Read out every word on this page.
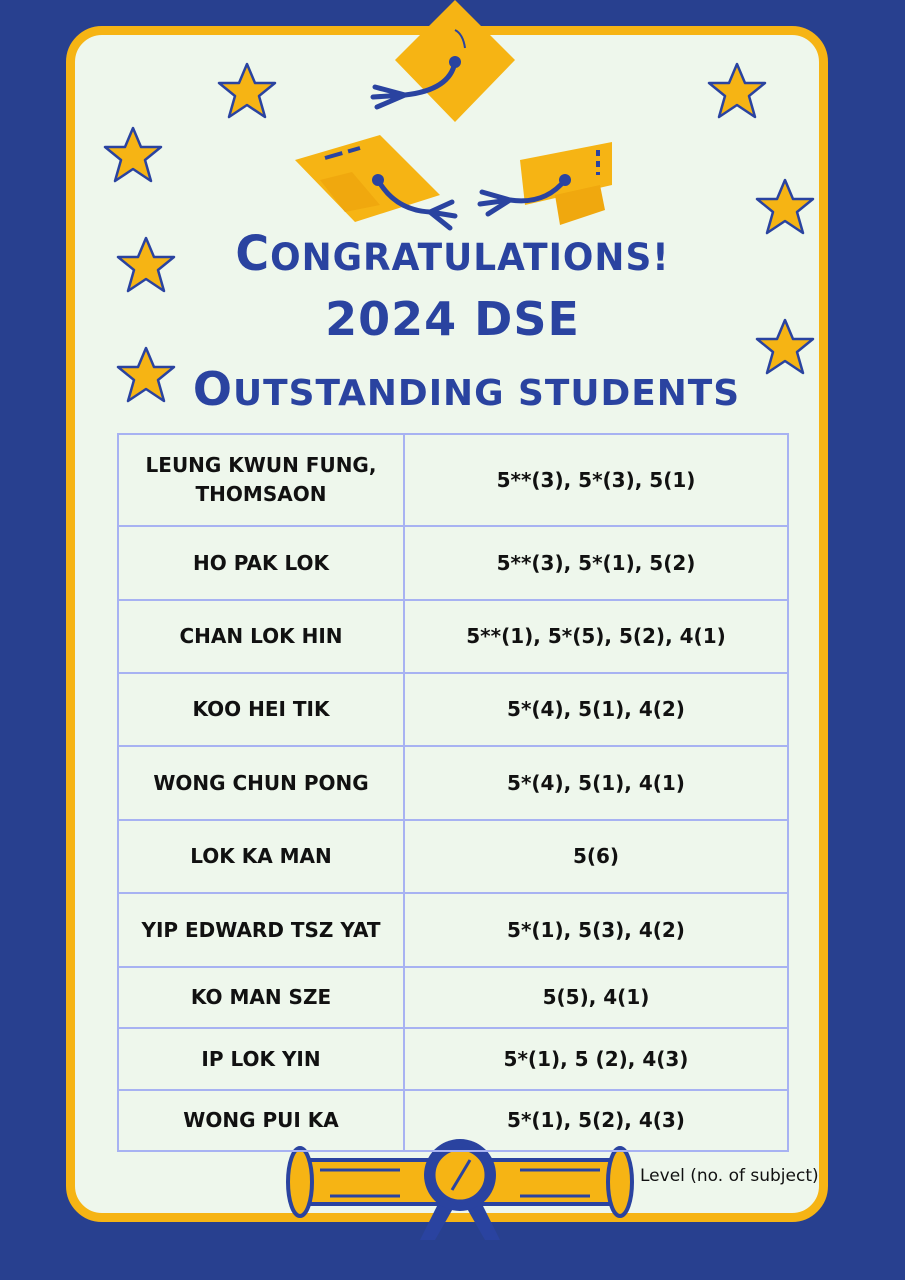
CONGRATULATIONS!
2024 DSE
OUTSTANDING STUDENTS
LEUNG KWUN FUNG, THOMSAON	5**(3), 5*(3), 5(1)
HO PAK LOK	5**(3), 5*(1), 5(2)
CHAN LOK HIN	5**(1), 5*(5), 5(2), 4(1)
KOO HEI TIK	5*(4), 5(1), 4(2)
WONG CHUN PONG	5*(4), 5(1), 4(1)
LOK KA MAN	5(6)
YIP EDWARD TSZ YAT	5*(1), 5(3), 4(2)
KO MAN SZE	5(5), 4(1)
IP LOK YIN	5*(1), 5 (2), 4(3)
WONG PUI KA	5*(1), 5(2), 4(3)
Level (no. of subject)
